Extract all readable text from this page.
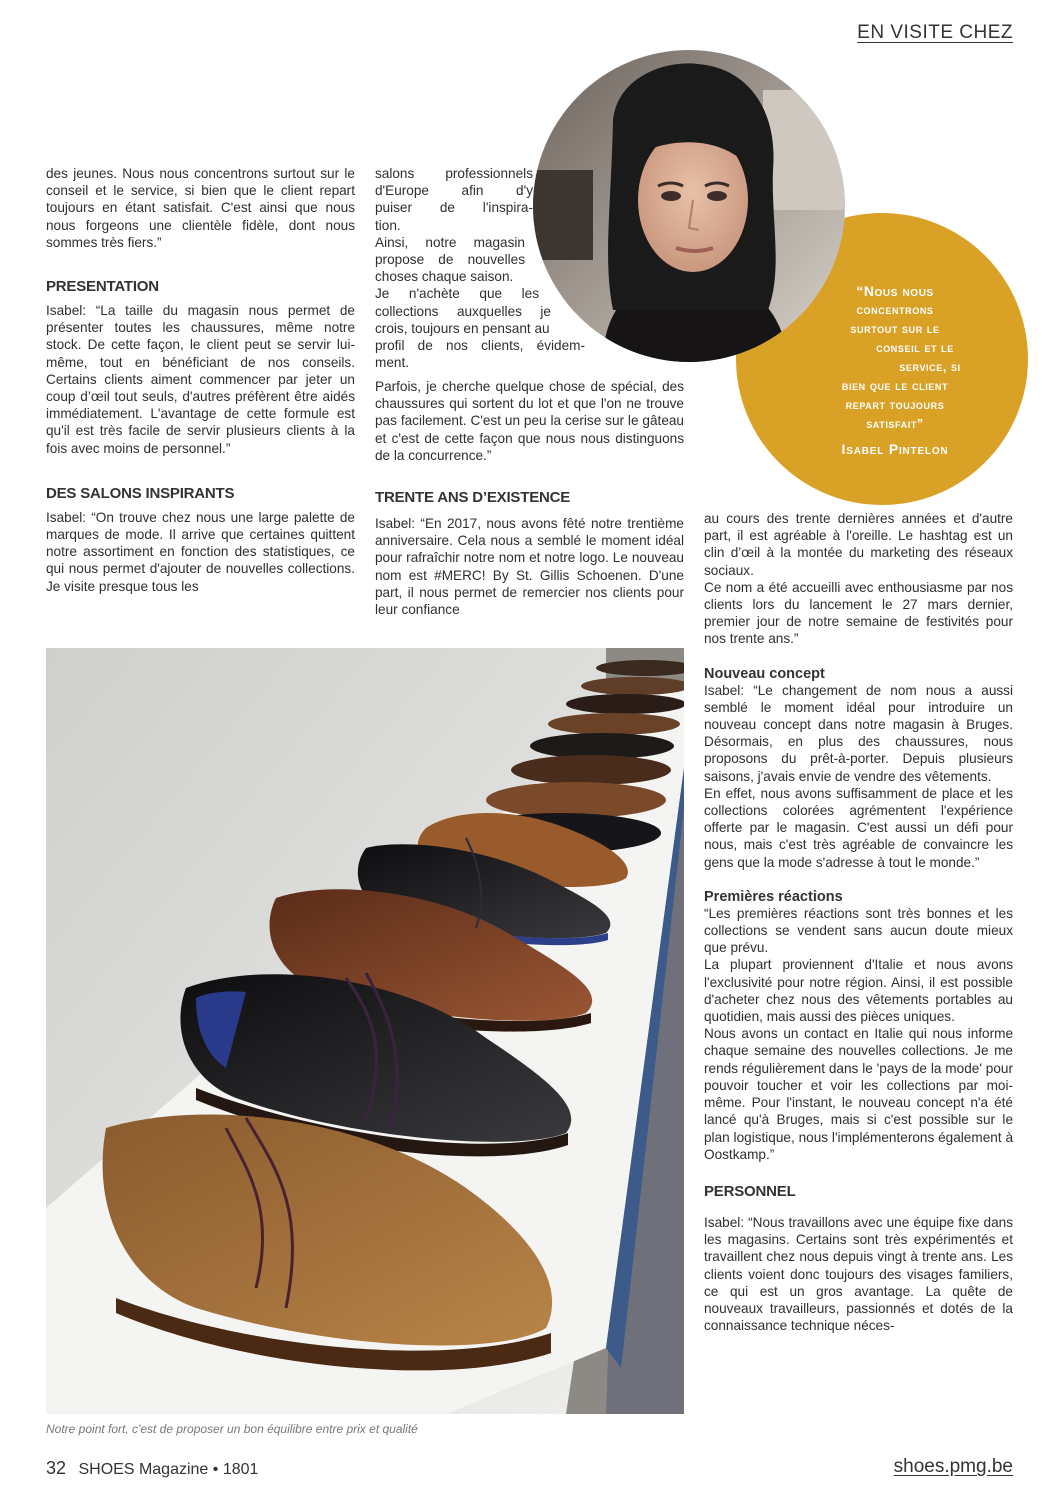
EN VISITE CHEZ

des jeunes. Nous nous concentrons surtout sur le conseil et le service, si bien que le client repart toujours en étant satisfait. C'est ainsi que nous nous forgeons une clientèle fidèle, dont nous sommes très fiers.”

PRESENTATION

Isabel: “La taille du magasin nous permet de présenter toutes les chaussures, même notre stock. De cette façon, le client peut se servir lui-même, tout en bénéficiant de nos conseils. Certains clients aiment commencer par jeter un coup d’œil tout seuls, d'autres préfèrent être aidés immédiatement. L'avantage de cette formule est qu'il est très facile de servir plusieurs clients à la fois avec moins de personnel.”

DES SALONS INSPIRANTS

Isabel: “On trouve chez nous une large palette de marques de mode. Il arrive que certaines quittent notre assortiment en fonction des statistiques, ce qui nous permet d'ajouter de nouvelles collections. Je visite presque tous les

salons professionnels
d'Europe afin d'y
puiser de l'inspira-
tion.
Ainsi, notre magasin
propose de nouvelles
choses chaque saison.
Je n'achète que les
collections auxquelles je
crois, toujours en pensant au
profil de nos clients, évidem-
ment.

Parfois, je cherche quelque chose de spécial, des chaussures qui sortent du lot et que l'on ne trouve pas facilement. C'est un peu la cerise sur le gâteau et c'est de cette façon que nous nous distinguons de la concurrence.”

TRENTE ANS D’EXISTENCE

Isabel: “En 2017, nous avons fêté notre trentième anniversaire. Cela nous a semblé le moment idéal pour rafraîchir notre nom et notre logo. Le nouveau nom est #MERC! By St. Gillis Schoenen. D'une part, il nous permet de remercier nos clients pour leur confiance

au cours des trente dernières années et d'autre part, il est agréable à l'oreille. Le hashtag est un clin d’œil à la montée du marketing des réseaux sociaux.

Ce nom a été accueilli avec enthousiasme par nos clients lors du lancement le 27 mars dernier, premier jour de notre semaine de festivités pour nos trente ans.”

Nouveau concept

Isabel: “Le changement de nom nous a aussi semblé le moment idéal pour introduire un nouveau concept dans notre magasin à Bruges. Désormais, en plus des chaussures, nous proposons du prêt-à-porter. Depuis plusieurs saisons, j'avais envie de vendre des vêtements.

En effet, nous avons suffisamment de place et les collections colorées agrémentent l'expérience offerte par le magasin. C'est aussi un défi pour nous, mais c'est très agréable de convaincre les gens que la mode s'adresse à tout le monde.”

Premières réactions

“Les premières réactions sont très bonnes et les collections se vendent sans aucun doute mieux que prévu.

La plupart proviennent d'Italie et nous avons l'exclusivité pour notre région. Ainsi, il est possible d'acheter chez nous des vêtements portables au quotidien, mais aussi des pièces uniques.

Nous avons un contact en Italie qui nous informe chaque semaine des nouvelles collections. Je me rends régulièrement dans le 'pays de la mode' pour pouvoir toucher et voir les collections par moi-même. Pour l'instant, le nouveau concept n'a été lancé qu'à Bruges, mais si c'est possible sur le plan logistique, nous l'implémenterons également à Oostkamp.”

PERSONNEL

Isabel: “Nous travaillons avec une équipe fixe dans les magasins. Certains sont très expérimentés et travaillent chez nous depuis vingt à trente ans. Les clients voient donc toujours des visages familiers, ce qui est un gros avantage. La quête de nouveaux travailleurs, passionnés et dotés de la connaissance technique néces-

“Nous nous
concentrons
surtout sur le
conseil et le
service, si
bien que le client
repart toujours
satisfait”
Isabel Pintelon
Notre point fort, c'est de proposer un bon équilibre entre prix et qualité
32 SHOES Magazine • 1801	shoes.pmg.be
